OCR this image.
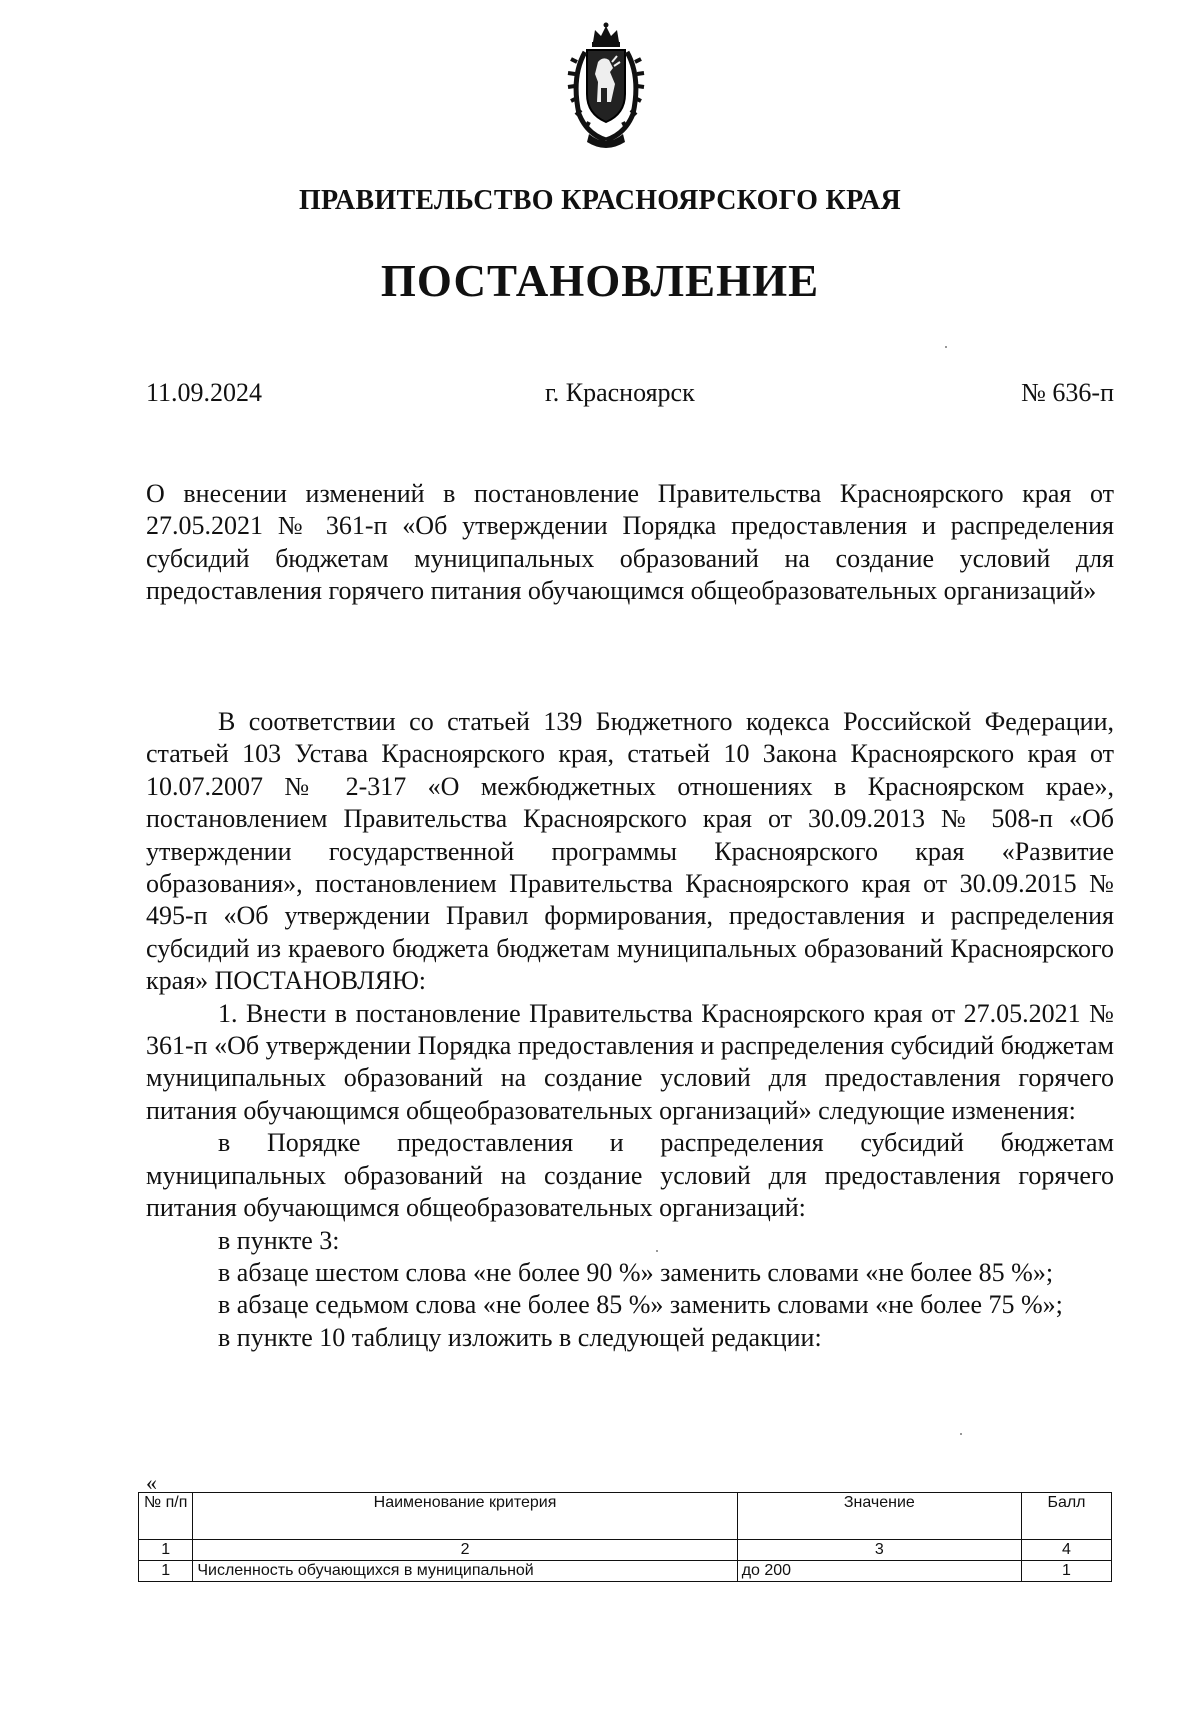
ПРАВИТЕЛЬСТВО КРАСНОЯРСКОГО КРАЯ
ПОСТАНОВЛЕНИЕ
11.09.2024	г. Красноярск	№ 636-п

О внесении изменений в постановление Правительства Красноярского края от 27.05.2021 № 361-п «Об утверждении Порядка предоставления и распределения субсидий бюджетам муниципальных образований на создание условий для предоставления горячего питания обучающимся общеобразовательных организаций»

В соответствии со статьей 139 Бюджетного кодекса Российской Федерации, статьей 103 Устава Красноярского края, статьей 10 Закона Красноярского края от 10.07.2007 № 2-317 «О межбюджетных отношениях в Красноярском крае», постановлением Правительства Красноярского края от 30.09.2013 № 508-п «Об утверждении государственной программы Красноярского края «Развитие образования», постановлением Правительства Красноярского края от 30.09.2015 № 495-п «Об утверждении Правил формирования, предоставления и распределения субсидий из краевого бюджета бюджетам муниципальных образований Красноярского края» ПОСТАНОВЛЯЮ:

1. Внести в постановление Правительства Красноярского края от 27.05.2021 № 361-п «Об утверждении Порядка предоставления и распределения субсидий бюджетам муниципальных образований на создание условий для предоставления горячего питания обучающимся общеобразовательных организаций» следующие изменения:

в Порядке предоставления и распределения субсидий бюджетам муниципальных образований на создание условий для предоставления горячего питания обучающимся общеобразовательных организаций:

в пункте 3:

в абзаце шестом слова «не более 90 %» заменить словами «не более 85 %»;

в абзаце седьмом слова «не более 85 %» заменить словами «не более 75 %»;

в пункте 10 таблицу изложить в следующей редакции:

«
№ п/п	Наименование критерия	Значение	Балл
1	2	3	4
1	Численность обучающихся в муниципальной	до 200	1
